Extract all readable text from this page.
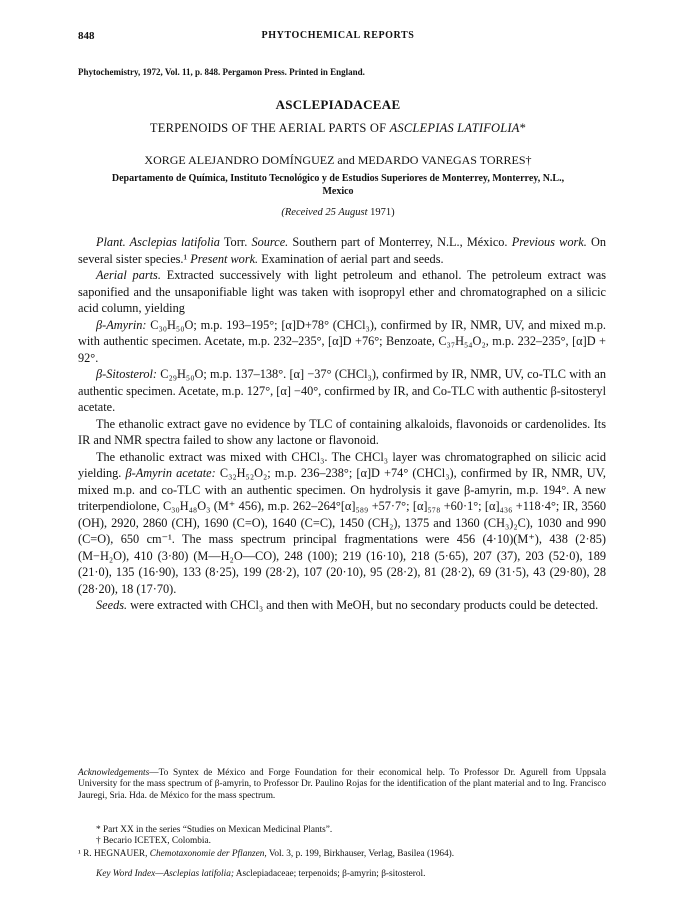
848	PHYTOCHEMICAL REPORTS
Phytochemistry, 1972, Vol. 11, p. 848. Pergamon Press. Printed in England.
ASCLEPIADACEAE
TERPENOIDS OF THE AERIAL PARTS OF ASCLEPIAS LATIFOLIA*
XORGE ALEJANDRO DOMÍNGUEZ and MEDARDO VANEGAS TORRES†
Departamento de Química, Instituto Tecnológico y de Estudios Superiores de Monterrey, Monterrey, N.L., Mexico
(Received 25 August 1971)

Plant. Asclepias latifolia Torr. Source. Southern part of Monterrey, N.L., México. Previous work. On several sister species.¹ Present work. Examination of aerial part and seeds.

Aerial parts. Extracted successively with light petroleum and ethanol. The petroleum extract was saponified and the unsaponifiable light was taken with isopropyl ether and chromatographed on a silicic acid column, yielding

β-Amyrin: C₃₀H₅₀O; m.p. 193–195°; [α]D+78° (CHCl₃), confirmed by IR, NMR, UV, and mixed m.p. with authentic specimen. Acetate, m.p. 232–235°, [α]D +76°; Benzoate, C₃₇H₅₄O₂, m.p. 232–235°, [α]D + 92°.

β-Sitosterol: C₂₉H₅₀O; m.p. 137–138°. [α] −37° (CHCl₃), confirmed by IR, NMR, UV, co-TLC with an authentic specimen. Acetate, m.p. 127°, [α] −40°, confirmed by IR, and Co-TLC with authentic β-sitosteryl acetate.

The ethanolic extract gave no evidence by TLC of containing alkaloids, flavonoids or cardenolides. Its IR and NMR spectra failed to show any lactone or flavonoid.

The ethanolic extract was mixed with CHCl₃. The CHCl₃ layer was chromatographed on silicic acid yielding. β-Amyrin acetate: C₃₂H₅₂O₂; m.p. 236–238°; [α]D +74° (CHCl₃), confirmed by IR, NMR, UV, mixed m.p. and co-TLC with an authentic specimen. On hydrolysis it gave β-amyrin, m.p. 194°. A new triterpendiolone, C₃₀H₄₈O₃ (M⁺ 456), m.p. 262–264°[α]₅₈₉ +57·7°; [α]₅₇₈ +60·1°; [α]₄₃₆ +118·4°; IR, 3560 (OH), 2920, 2860 (CH), 1690 (C=O), 1640 (C=C), 1450 (CH₂), 1375 and 1360 (CH₃)₂C), 1030 and 990 (C=O), 650 cm⁻¹. The mass spectrum principal fragmentations were 456 (4·10)(M⁺), 438 (2·85) (M−H₂O), 410 (3·80) (M—H₂O—CO), 248 (100); 219 (16·10), 218 (5·65), 207 (37), 203 (52·0), 189 (21·0), 135 (16·90), 133 (8·25), 199 (28·2), 107 (20·10), 95 (28·2), 81 (28·2), 69 (31·5), 43 (29·80), 28 (28·20), 18 (17·70).

Seeds. were extracted with CHCl₃ and then with MeOH, but no secondary products could be detected.

Acknowledgements—To Syntex de México and Forge Foundation for their economical help. To Professor Dr. Agurell from Uppsala University for the mass spectrum of β-amyrin, to Professor Dr. Paulino Rojas for the identification of the plant material and to Ing. Francisco Jauregi, Sria. Hda. de México for the mass spectrum.
* Part XX in the series “Studies on Mexican Medicinal Plants”.
† Becario ICETEX, Colombia.
¹ R. HEGNAUER, Chemotaxonomie der Pflanzen, Vol. 3, p. 199, Birkhauser, Verlag, Basilea (1964).
Key Word Index—Asclepias latifolia; Asclepiadaceae; terpenoids; β-amyrin; β-sitosterol.
